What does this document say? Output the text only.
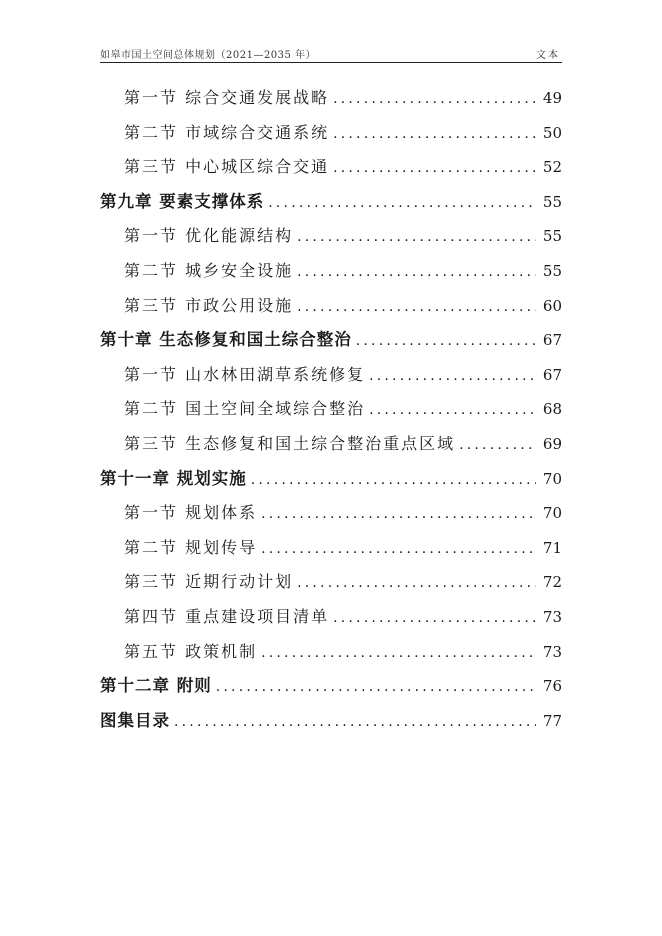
如皋市国土空间总体规划（2021—2035 年）	文本
第一节 综合交通发展战略 .....	49
第二节 市域综合交通系统 .....	50
第三节 中心城区综合交通 .....	52
第九章 要素支撑体系 .....	55
第一节 优化能源结构 .....	55
第二节 城乡安全设施 .....	55
第三节 市政公用设施 .....	60
第十章 生态修复和国土综合整治 .....	67
第一节 山水林田湖草系统修复 .....	67
第二节 国土空间全域综合整治 .....	68
第三节 生态修复和国土综合整治重点区域 .....	69
第十一章 规划实施 .....	70
第一节 规划体系 .....	70
第二节 规划传导 .....	71
第三节 近期行动计划 .....	72
第四节 重点建设项目清单 .....	73
第五节 政策机制 .....	73
第十二章 附则 .....	76
图集目录 .....	77
